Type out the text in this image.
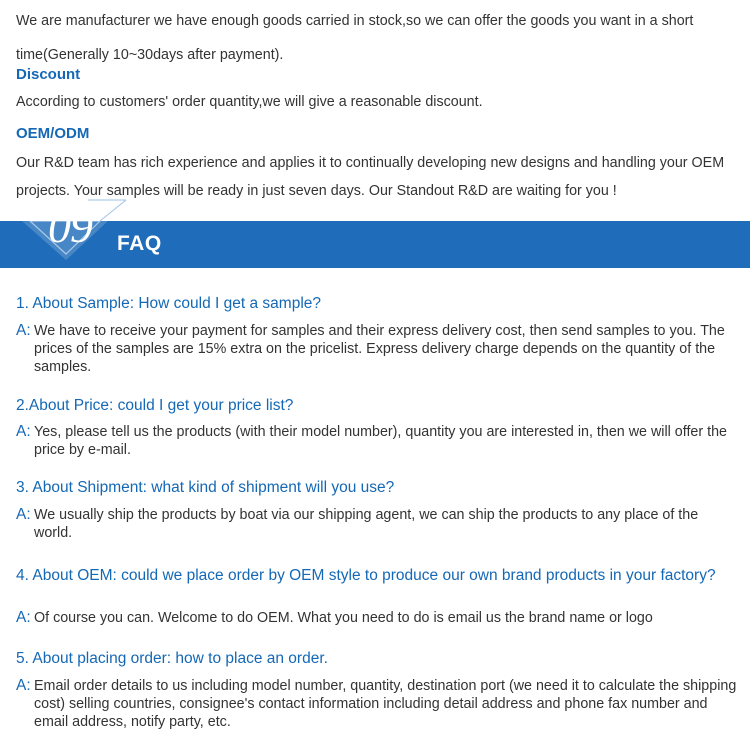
We are manufacturer we have enough goods carried in stock,so we can offer the goods you want in a short time(Generally 10~30days after payment).

Discount

According to customers' order quantity,we will give a reasonable discount.

OEM/ODM

Our R&D team has rich experience and applies it to continually developing new designs and handling your OEM projects. Your samples will be ready in just seven days. Our Standout R&D are waiting for you !

09 FAQ

1. About Sample: How could I get a sample?

A: We have to receive your payment for samples and their express delivery cost, then send samples to you. The prices of the samples are 15% extra on the pricelist. Express delivery charge depends on the quantity of the samples.

2.About Price: could I get your price list?

A: Yes, please tell us the products (with their model number), quantity you are interested in, then we will offer the price by e-mail.

3. About Shipment: what kind of shipment will you use?

A: We usually ship the products by boat via our shipping agent, we can ship the products to any place of the world.

4. About OEM: could we place order by OEM style to produce our own brand products in your factory?

A: Of course you can. Welcome to do OEM. What you need to do is email us the brand name or logo

5. About placing order: how to place an order.

A: Email order details to us including model number, quantity, destination port (we need it to calculate the shipping cost) selling countries, consignee's contact information including detail address and phone fax number and email address, notify party, etc.
